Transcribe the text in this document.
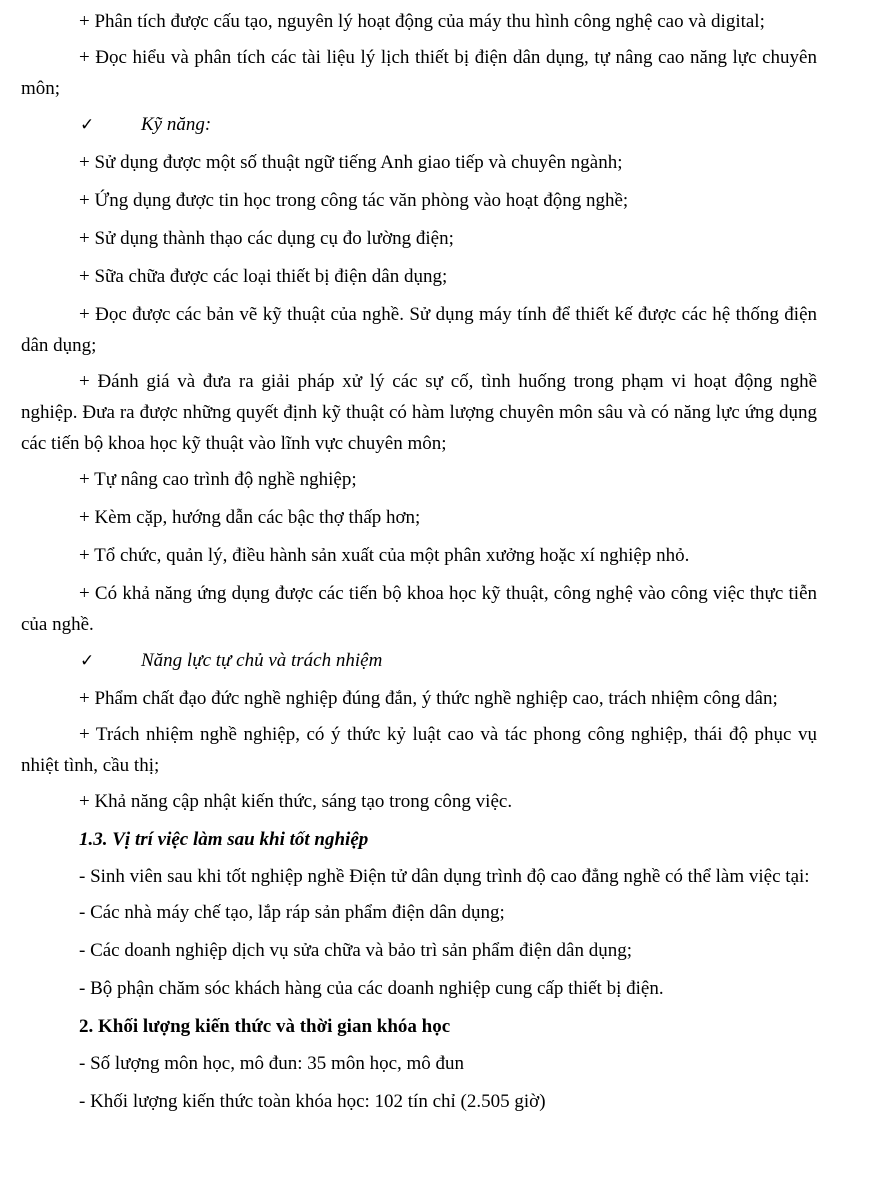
+ Phân tích được cấu tạo, nguyên lý hoạt động của máy thu hình công nghệ cao và digital;

+ Đọc hiểu và phân tích các tài liệu lý lịch thiết bị điện dân dụng, tự nâng cao năng lực chuyên môn;

✓ Kỹ năng:

+ Sử dụng được một số thuật ngữ tiếng Anh giao tiếp và chuyên ngành;

+ Ứng dụng được tin học trong công tác văn phòng vào hoạt động nghề;

+ Sử dụng thành thạo các dụng cụ đo lường điện;

+ Sữa chữa được các loại thiết bị điện dân dụng;

+ Đọc được các bản vẽ kỹ thuật của nghề. Sử dụng máy tính để thiết kế được các hệ thống điện dân dụng;

+ Đánh giá và đưa ra giải pháp xử lý các sự cố, tình huống trong phạm vi hoạt động nghề nghiệp. Đưa ra được những quyết định kỹ thuật có hàm lượng chuyên môn sâu và có năng lực ứng dụng các tiến bộ khoa học kỹ thuật vào lĩnh vực chuyên môn;

+ Tự nâng cao trình độ nghề nghiệp;

+ Kèm cặp, hướng dẫn các bậc thợ thấp hơn;

+ Tổ chức, quản lý, điều hành sản xuất của một phân xưởng hoặc xí nghiệp nhỏ.

+ Có khả năng ứng dụng được các tiến bộ khoa học kỹ thuật, công nghệ vào công việc thực tiễn của nghề.

✓ Năng lực tự chủ và trách nhiệm

+ Phẩm chất đạo đức nghề nghiệp đúng đắn, ý thức nghề nghiệp cao, trách nhiệm công dân;

+ Trách nhiệm nghề nghiệp, có ý thức kỷ luật cao và tác phong công nghiệp, thái độ phục vụ nhiệt tình, cầu thị;

+ Khả năng cập nhật kiến thức, sáng tạo trong công việc.

1.3. Vị trí việc làm sau khi tốt nghiệp

- Sinh viên sau khi tốt nghiệp nghề Điện tử dân dụng trình độ cao đẳng nghề có thể làm việc tại:

- Các nhà máy chế tạo, lắp ráp sản phẩm điện dân dụng;

- Các doanh nghiệp dịch vụ sửa chữa và bảo trì sản phẩm điện dân dụng;

- Bộ phận chăm sóc khách hàng của các doanh nghiệp cung cấp thiết bị điện.

2. Khối lượng kiến thức và thời gian khóa học

- Số lượng môn học, mô đun: 35 môn học, mô đun

- Khối lượng kiến thức toàn khóa học: 102 tín chỉ (2.505 giờ)
